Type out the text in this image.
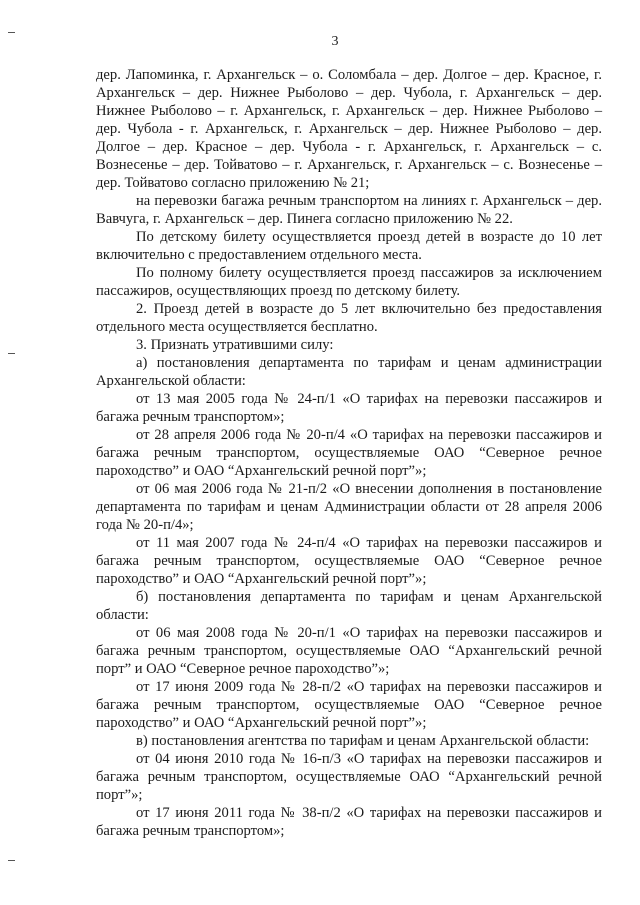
3

дер. Лапоминка, г. Архангельск – о. Соломбала – дер. Долгое – дер. Красное, г. Архангельск – дер. Нижнее Рыболово – дер. Чубола, г. Архангельск – дер. Нижнее Рыболово – г. Архангельск, г. Архангельск – дер. Нижнее Рыболово – дер. Чубола - г. Архангельск, г. Архангельск – дер. Нижнее Рыболово – дер. Долгое – дер. Красное – дер. Чубола - г. Архангельск, г. Архангельск – с. Вознесенье – дер. Тойватово – г. Архангельск, г. Архангельск – с. Вознесенье – дер. Тойватово согласно приложению № 21;

на перевозки багажа речным транспортом на линиях г. Архангельск – дер. Вавчуга, г. Архангельск – дер. Пинега согласно приложению № 22.

По детскому билету осуществляется проезд детей в возрасте до 10 лет включительно с предоставлением отдельного места.

По полному билету осуществляется проезд пассажиров за исключением пассажиров, осуществляющих проезд по детскому билету.

2. Проезд детей в возрасте до 5 лет включительно без предоставления отдельного места осуществляется бесплатно.

3. Признать утратившими силу:

а) постановления департамента по тарифам и ценам администрации Архангельской области:

от 13 мая 2005 года № 24-п/1 «О тарифах на перевозки пассажиров и багажа речным транспортом»;

от 28 апреля 2006 года № 20-п/4 «О тарифах на перевозки пассажиров и багажа речным транспортом, осуществляемые ОАО “Северное речное пароходство” и ОАО “Архангельский речной порт”»;

от 06 мая 2006 года № 21-п/2 «О внесении дополнения в постановление департамента по тарифам и ценам Администрации области от 28 апреля 2006 года № 20-п/4»;

от 11 мая 2007 года № 24-п/4 «О тарифах на перевозки пассажиров и багажа речным транспортом, осуществляемые ОАО “Северное речное пароходство” и ОАО “Архангельский речной порт”»;

б) постановления департамента по тарифам и ценам Архангельской области:

от 06 мая 2008 года № 20-п/1 «О тарифах на перевозки пассажиров и багажа речным транспортом, осуществляемые ОАО “Архангельский речной порт” и ОАО “Северное речное пароходство”»;

от 17 июня 2009 года № 28-п/2 «О тарифах на перевозки пассажиров и багажа речным транспортом, осуществляемые ОАО “Северное речное пароходство” и ОАО “Архангельский речной порт”»;

в) постановления агентства по тарифам и ценам Архангельской области:

от 04 июня 2010 года № 16-п/3 «О тарифах на перевозки пассажиров и багажа речным транспортом, осуществляемые ОАО “Архангельский речной порт”»;

от 17 июня 2011 года № 38-п/2 «О тарифах на перевозки пассажиров и багажа речным транспортом»;
